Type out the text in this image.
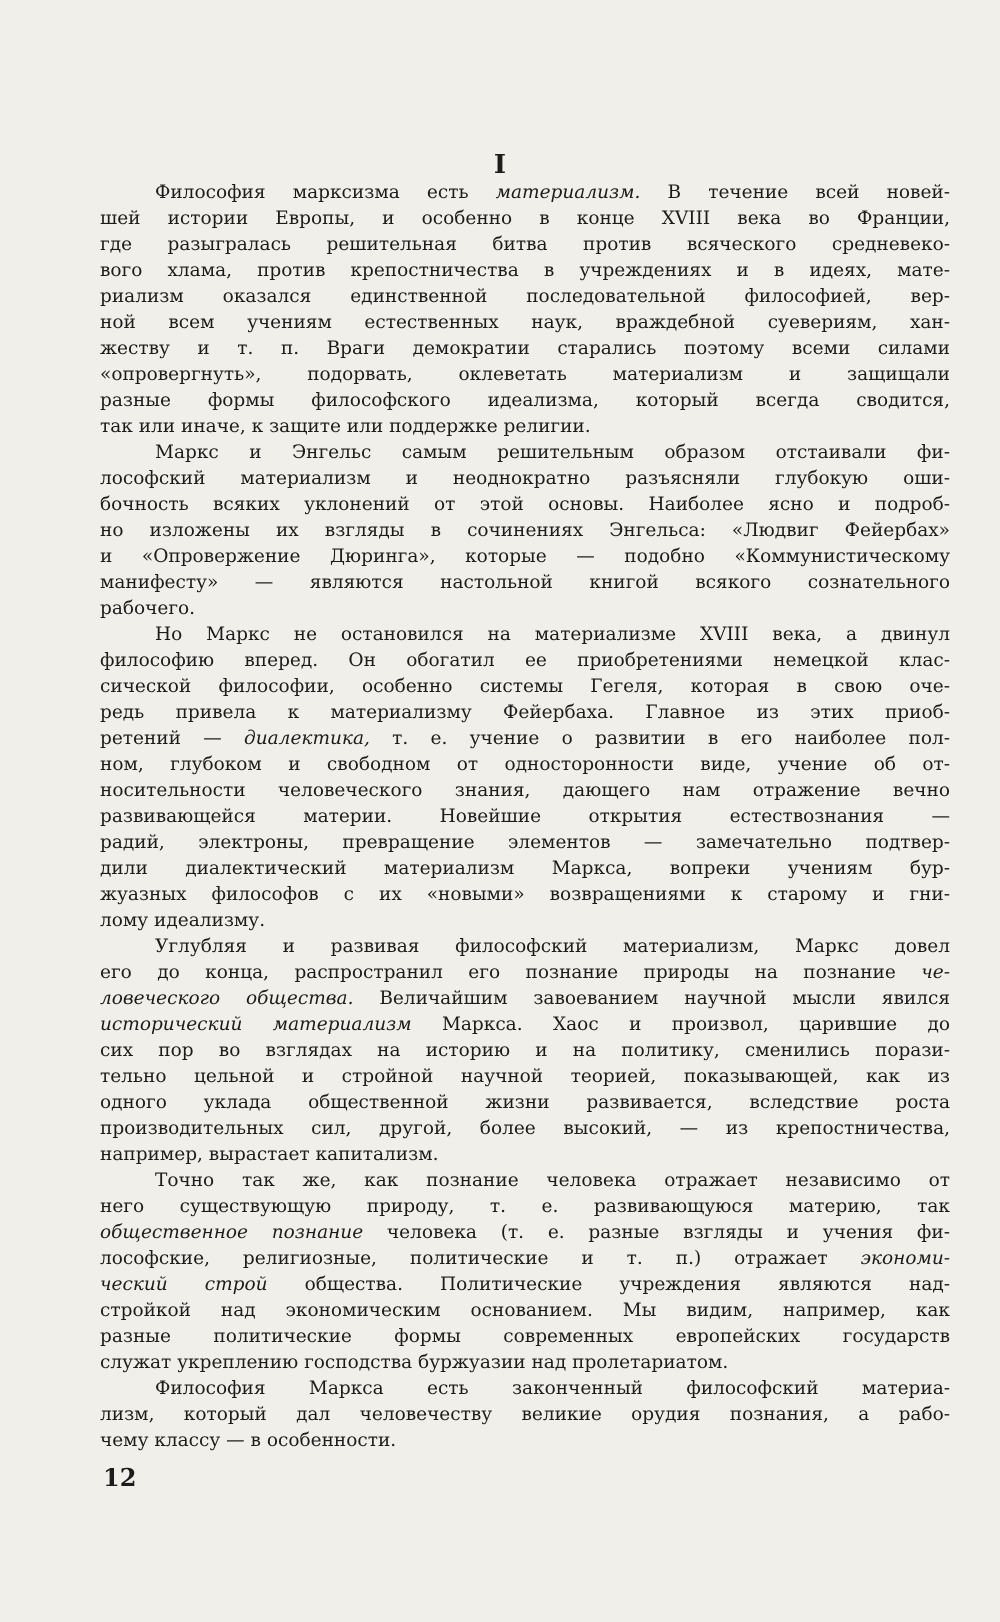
I
Философия марксизма есть материализм. В течение всей новей-
шей истории Европы, и особенно в конце XVIII века во Франции,
где разыгралась решительная битва против всяческого средневеко-
вого хлама, против крепостничества в учреждениях и в идеях, мате-
риализм оказался единственной последовательной философией, вер-
ной всем учениям естественных наук, враждебной суевериям, хан-
жеству и т. п. Враги демократии старались поэтому всеми силами
«опровергнуть», подорвать, оклеветать материализм и защищали
разные формы философского идеализма, который всегда сводится,
так или иначе, к защите или поддержке религии.
Маркс и Энгельс самым решительным образом отстаивали фи-
лософский материализм и неоднократно разъясняли глубокую оши-
бочность всяких уклонений от этой основы. Наиболее ясно и подроб-
но изложены их взгляды в сочинениях Энгельса: «Людвиг Фейербах»
и «Опровержение Дюринга», которые — подобно «Коммунистическому
манифесту» — являются настольной книгой всякого сознательного
рабочего.
Но Маркс не остановился на материализме XVIII века, а двинул
философию вперед. Он обогатил ее приобретениями немецкой клас-
сической философии, особенно системы Гегеля, которая в свою оче-
редь привела к материализму Фейербаха. Главное из этих приоб-
ретений — диалектика, т. е. учение о развитии в его наиболее пол-
ном, глубоком и свободном от односторонности виде, учение об от-
носительности человеческого знания, дающего нам отражение вечно
развивающейся материи. Новейшие открытия естествознания —
радий, электроны, превращение элементов — замечательно подтвер-
дили диалектический материализм Маркса, вопреки учениям бур-
жуазных философов с их «новыми» возвращениями к старому и гни-
лому идеализму.
Углубляя и развивая философский материализм, Маркс довел
его до конца, распространил его познание природы на познание че-
ловеческого общества. Величайшим завоеванием научной мысли явился
исторический материализм Маркса. Хаос и произвол, царившие до
сих пор во взглядах на историю и на политику, сменились порази-
тельно цельной и стройной научной теорией, показывающей, как из
одного уклада общественной жизни развивается, вследствие роста
производительных сил, другой, более высокий, — из крепостничества,
например, вырастает капитализм.
Точно так же, как познание человека отражает независимо от
него существующую природу, т. е. развивающуюся материю, так
общественное познание человека (т. е. разные взгляды и учения фи-
лософские, религиозные, политические и т. п.) отражает экономи-
ческий строй общества. Политические учреждения являются над-
стройкой над экономическим основанием. Мы видим, например, как
разные политические формы современных европейских государств
служат укреплению господства буржуазии над пролетариатом.
Философия Маркса есть законченный философский материа-
лизм, который дал человечеству великие орудия познания, а рабо-
чему классу — в особенности.
12
